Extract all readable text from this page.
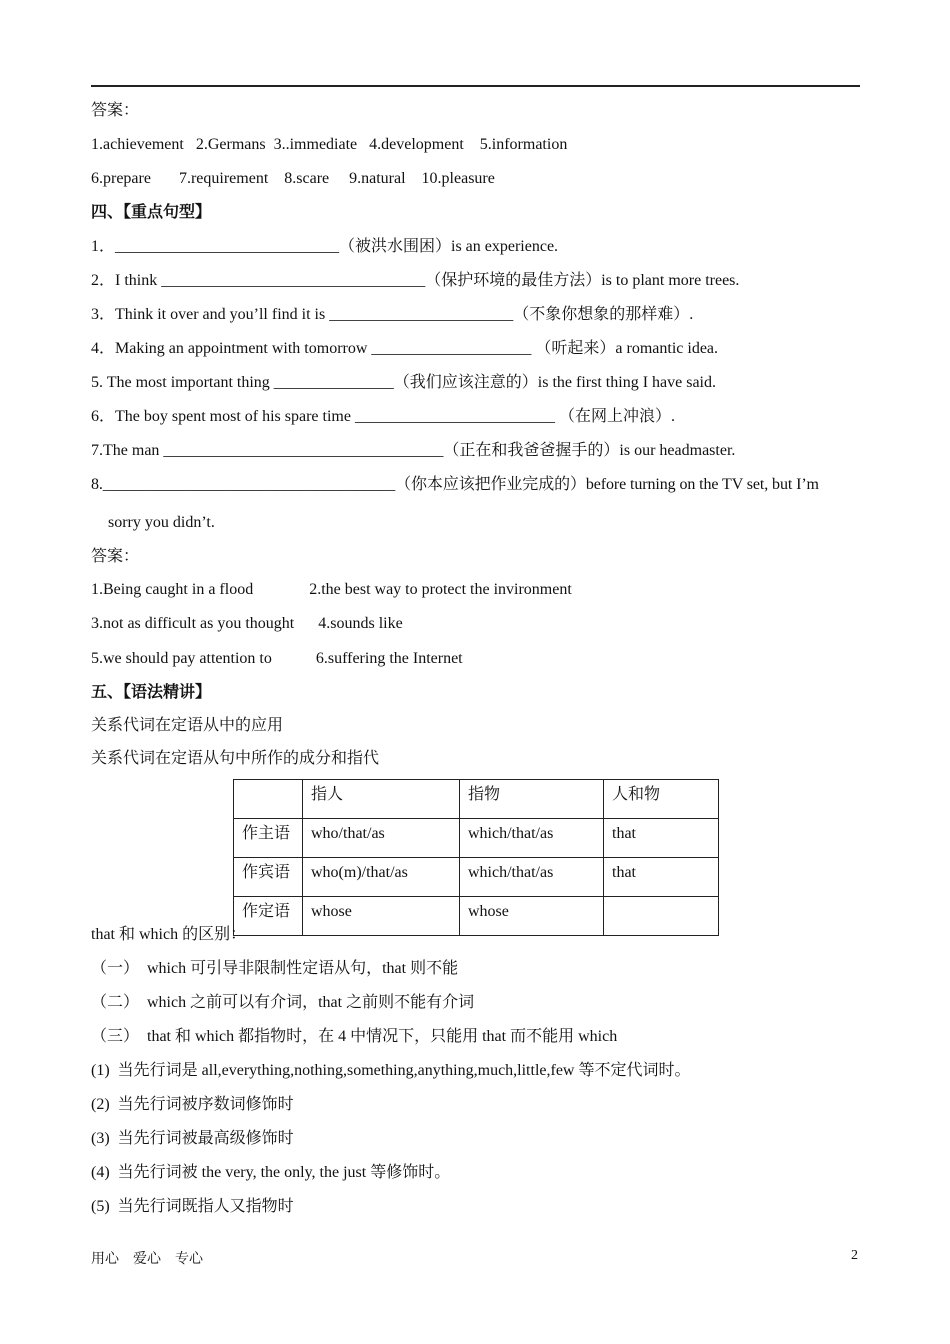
答案：
1.achievement   2.Germans  3..immediate   4.development    5.information
6.prepare       7.requirement    8.scare     9.natural    10.pleasure
四、【重点句型】
1．____________________________（被洪水围困）is an experience.
2．I think _________________________________（保护环境的最佳方法）is to plant more trees.
3．Think it over and you’ll find it is _______________________（不象你想象的那样难）.
4．Making an appointment with tomorrow ____________________ （听起来）a romantic idea.
5. The most important thing _______________（我们应该注意的）is the first thing I have said.
6．The boy spent most of his spare time _________________________ （在网上冲浪）.
7.The man ___________________________________（正在和我爸爸握手的）is our headmaster.
8._____________________________________（你本应该把作业完成的）before turning on the TV set, but I’m
sorry you didn’t.
答案：
1.Being caught in a flood              2.the best way to protect the invironment
3.not as difficult as you thought      4.sounds like
5.we should pay attention to           6.suffering the Internet
五、【语法精讲】
关系代词在定语从中的应用
关系代词在定语从句中所作的成分和指代
	指人	指物	人和物
作主语	who/that/as	which/that/as	that
作宾语	who(m)/that/as	which/that/as	that
作定语	whose	whose	
that 和 which 的区别：
（一）  which 可引导非限制性定语从句，that 则不能
（二）  which 之前可以有介词，that 之前则不能有介词
（三）  that 和 which 都指物时，在 4 中情况下，只能用 that 而不能用 which
(1)  当先行词是 all,everything,nothing,something,anything,much,little,few 等不定代词时。
(2)  当先行词被序数词修饰时
(3)  当先行词被最高级修饰时
(4)  当先行词被 the very, the only, the just 等修饰时。
(5)  当先行词既指人又指物时
用心    爱心    专心	2
